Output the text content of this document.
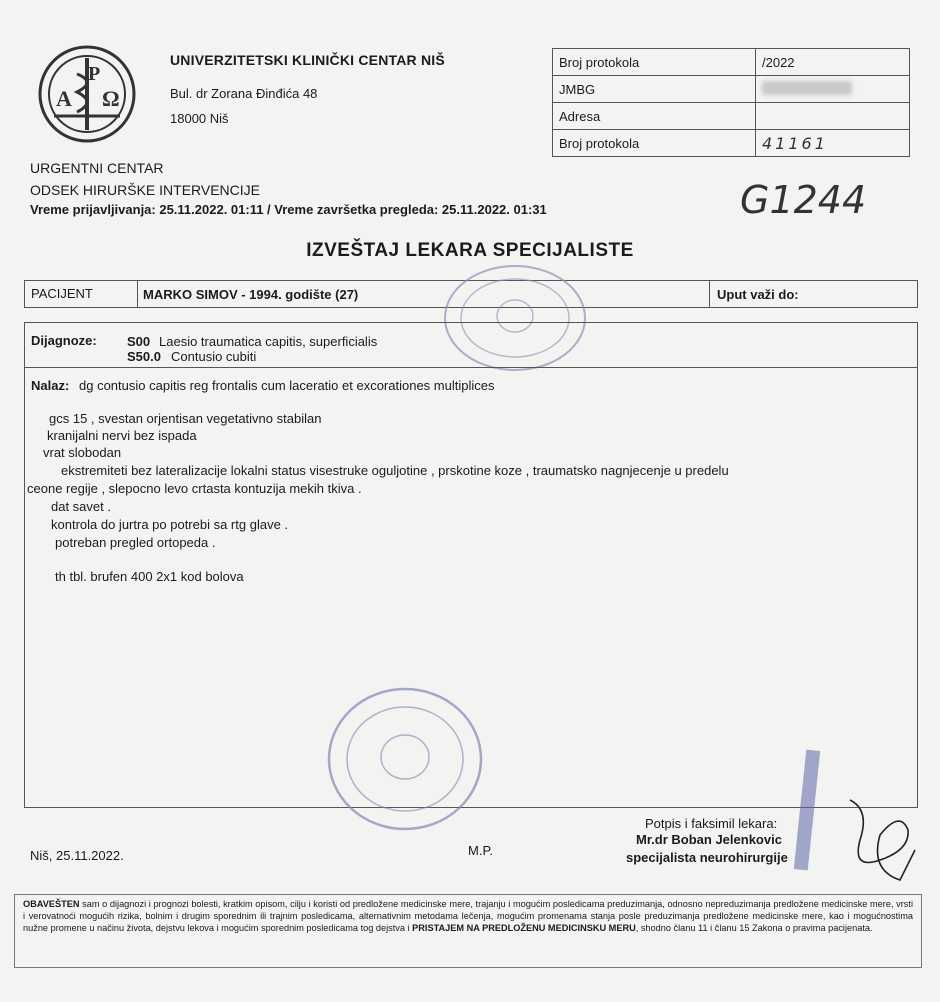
A
P
Ω
UNIVERZITETSKI KLINIČKI CENTAR NIŠ
Bul. dr Zorana Đinđića 48
18000 Niš
Broj protokola	/2022
JMBG	
Adresa	
Broj protokola	41161
URGENTNI CENTAR
ODSEK HIRURŠKE INTERVENCIJE
Vreme prijavljivanja: 25.11.2022. 01:11 / Vreme završetka pregleda: 25.11.2022. 01:31	G1244
IZVEŠTAJ LEKARA SPECIJALISTE
PACIJENT	MARKO SIMOV - 1994. godište (27)	Uput važi do:
Dijagnoze: S00 Laesio traumatica capitis, superficialis
S50.0 Contusio cubiti
Nalaz: dg contusio capitis reg frontalis cum laceratio et excorationes multiplices
gcs 15 , svestan orjentisan vegetativno stabilan
kranijalni nervi bez ispada
vrat slobodan
ekstremiteti bez lateralizacije lokalni status visestruke oguljotine , prskotine koze , traumatsko nagnjecenje u predelu
ceone regije , slepocno levo crtasta kontuzija mekih tkiva .
dat savet .
kontrola do jurtra po potrebi sa rtg glave .
potreban pregled ortopeda .
th tbl. brufen 400 2x1 kod bolova
Niš, 25.11.2022.	M.P.
Potpis i faksimil lekara:
Mr.dr Boban Jelenkovic
specijalista neurohirurgije
OBAVEŠTEN sam o dijagnozi i prognozi bolesti, kratkim opisom, cilju i koristi od predložene medicinske mere, trajanju i mogućim posledicama preduzimanja, odnosno nepreduzimanja predložene medicinske mere, vrsti i verovatnoći mogućih rizika, bolnim i drugim sporednim ili trajnim posledicama, alternativnim metodama lečenja, mogućim promenama stanja posle preduzimanja predložene medicinske mere, kao i mogućnostima nužne promene u načinu života, dejstvu lekova i mogućim sporednim posledicama tog dejstva i PRISTAJEM NA PREDLOŽENU MEDICINSKU MERU, shodno članu 11 i članu 15 Zakona o pravima pacijenata.
